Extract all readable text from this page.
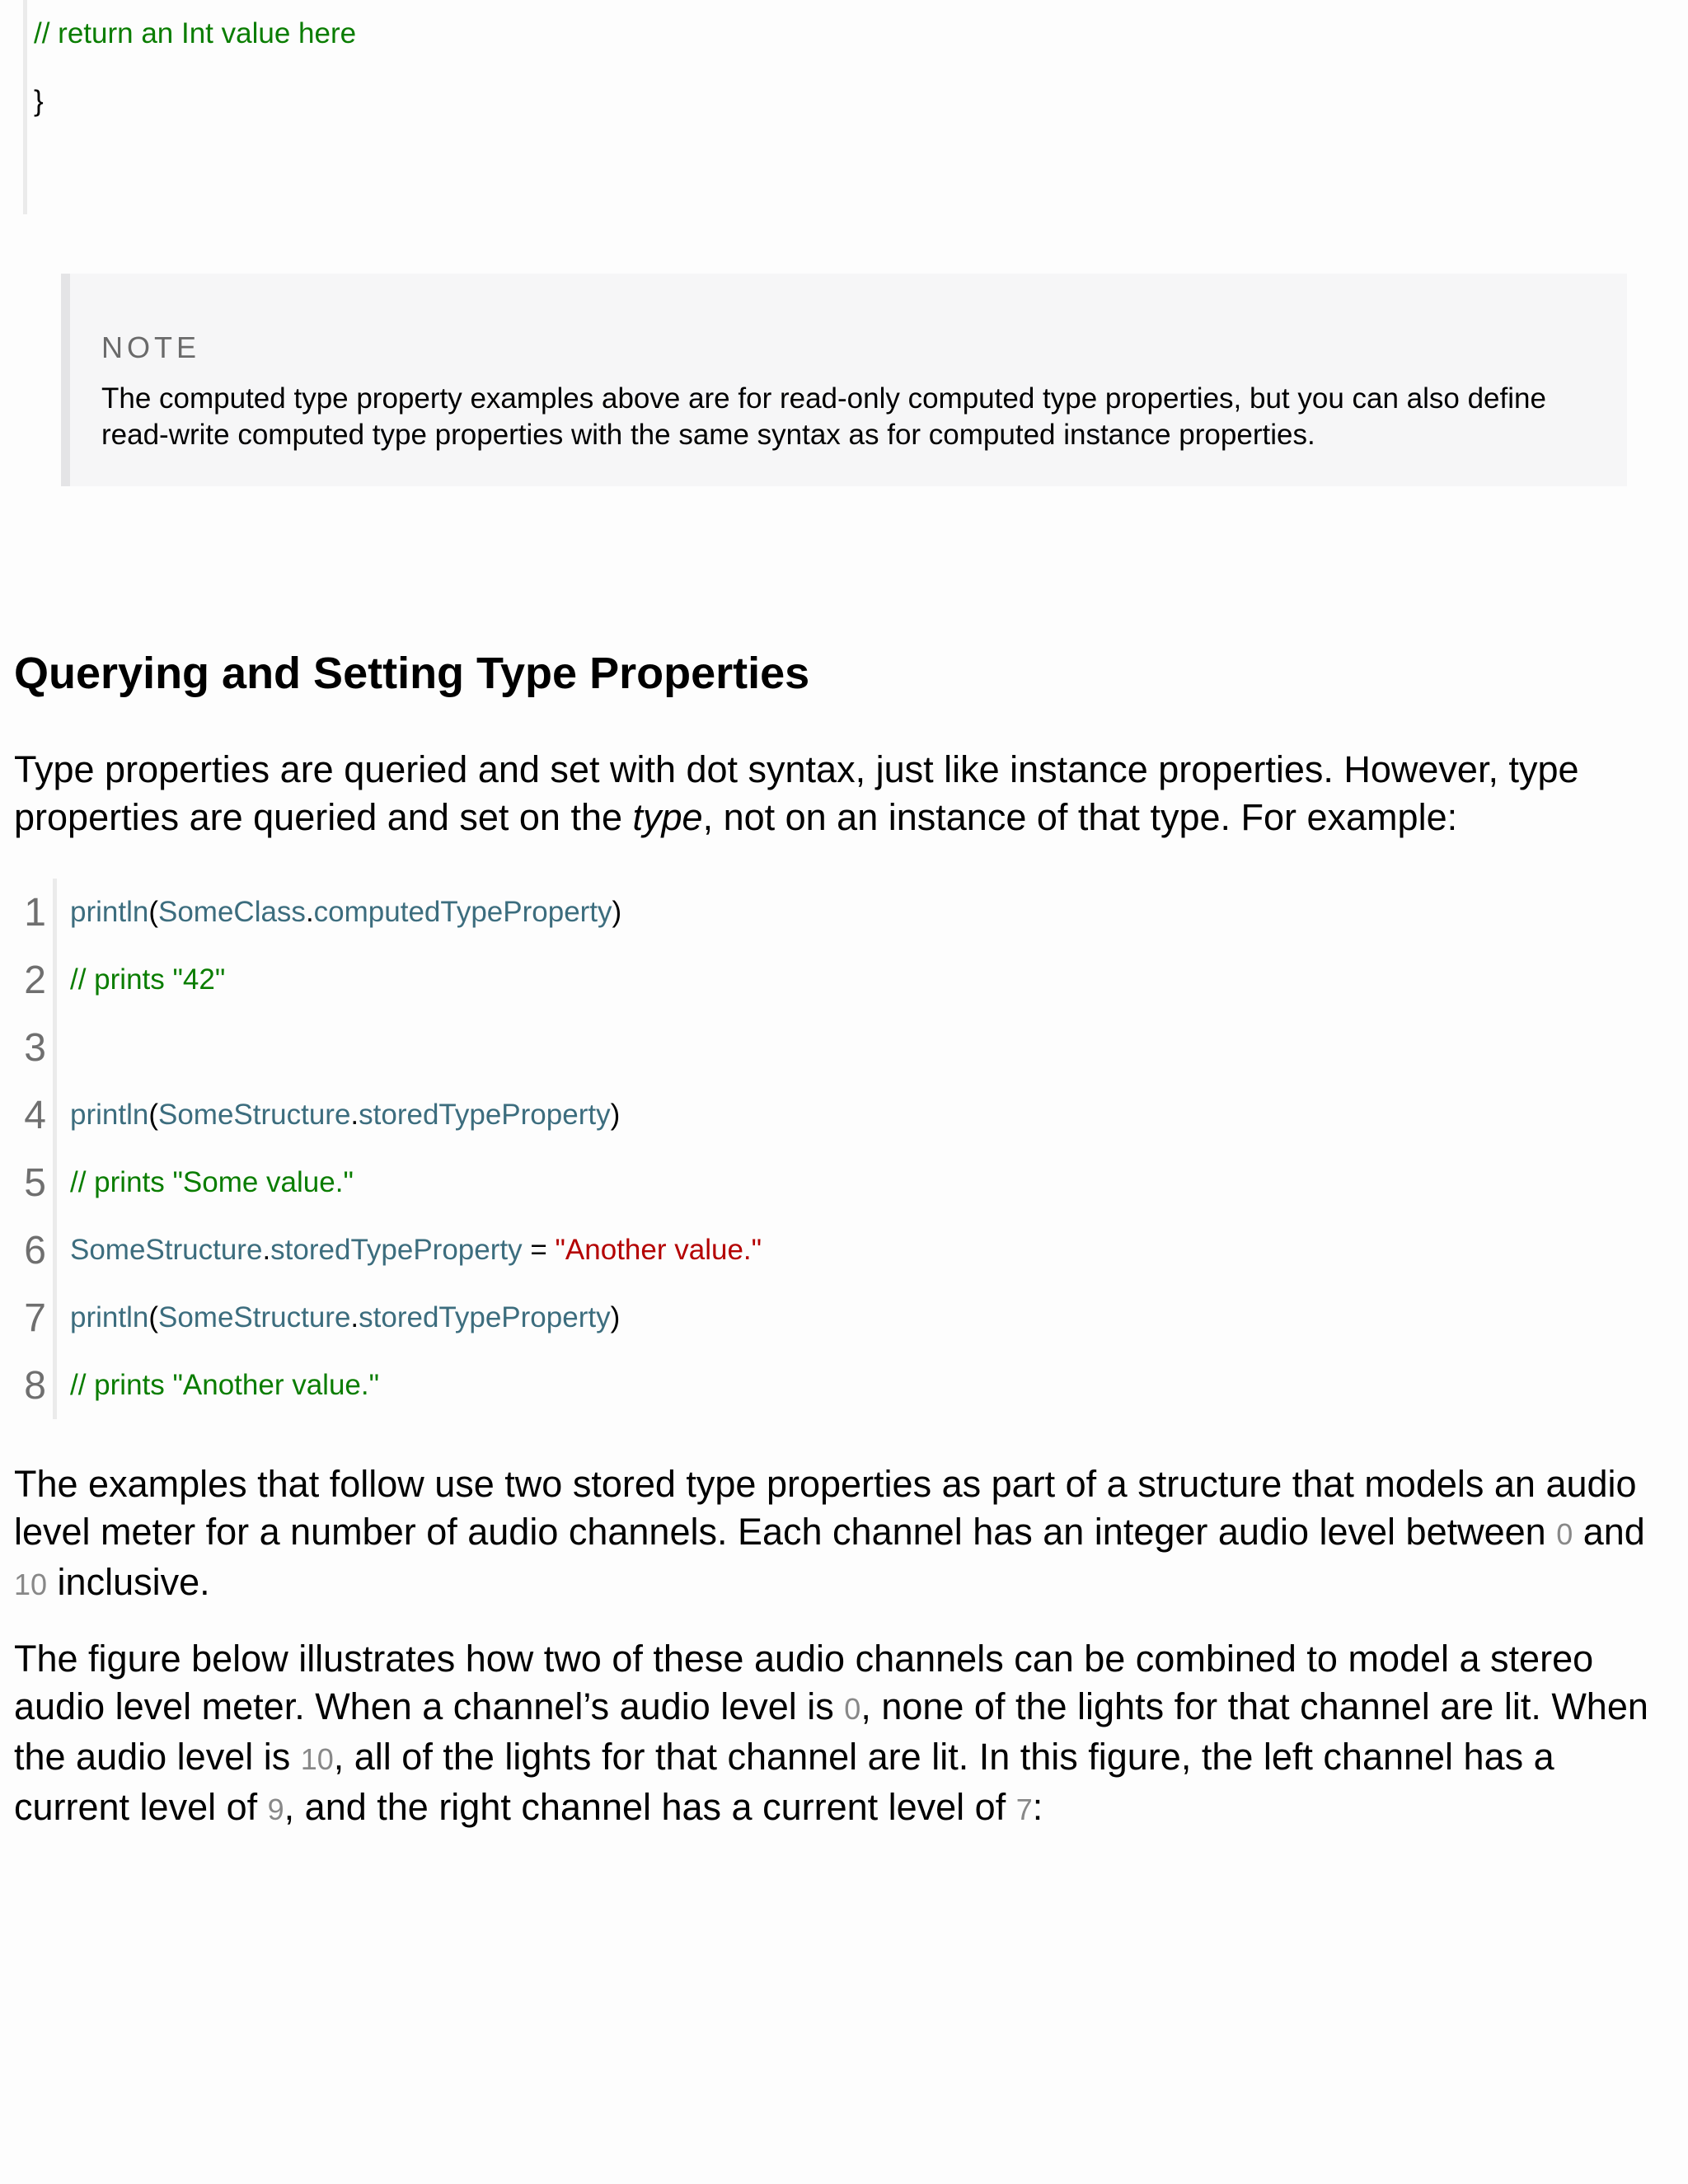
// return an Int value here
}
NOTE
The computed type property examples above are for read-only computed type properties, but you can also define read-write computed type properties with the same syntax as for computed instance properties.
Querying and Setting Type Properties

Type properties are queried and set with dot syntax, just like instance properties. However, type properties are queried and set on the type, not on an instance of that type. For example:

1 println(SomeClass.computedTypeProperty)
2 // prints "42"
3
4 println(SomeStructure.storedTypeProperty)
5 // prints "Some value."
6 SomeStructure.storedTypeProperty = "Another value."
7 println(SomeStructure.storedTypeProperty)
8 // prints "Another value."

The examples that follow use two stored type properties as part of a structure that models an audio level meter for a number of audio channels. Each channel has an integer audio level between 0 and 10 inclusive.

The figure below illustrates how two of these audio channels can be combined to model a stereo audio level meter. When a channel’s audio level is 0, none of the lights for that channel are lit. When the audio level is 10, all of the lights for that channel are lit. In this figure, the left channel has a current level of 9, and the right channel has a current level of 7:
